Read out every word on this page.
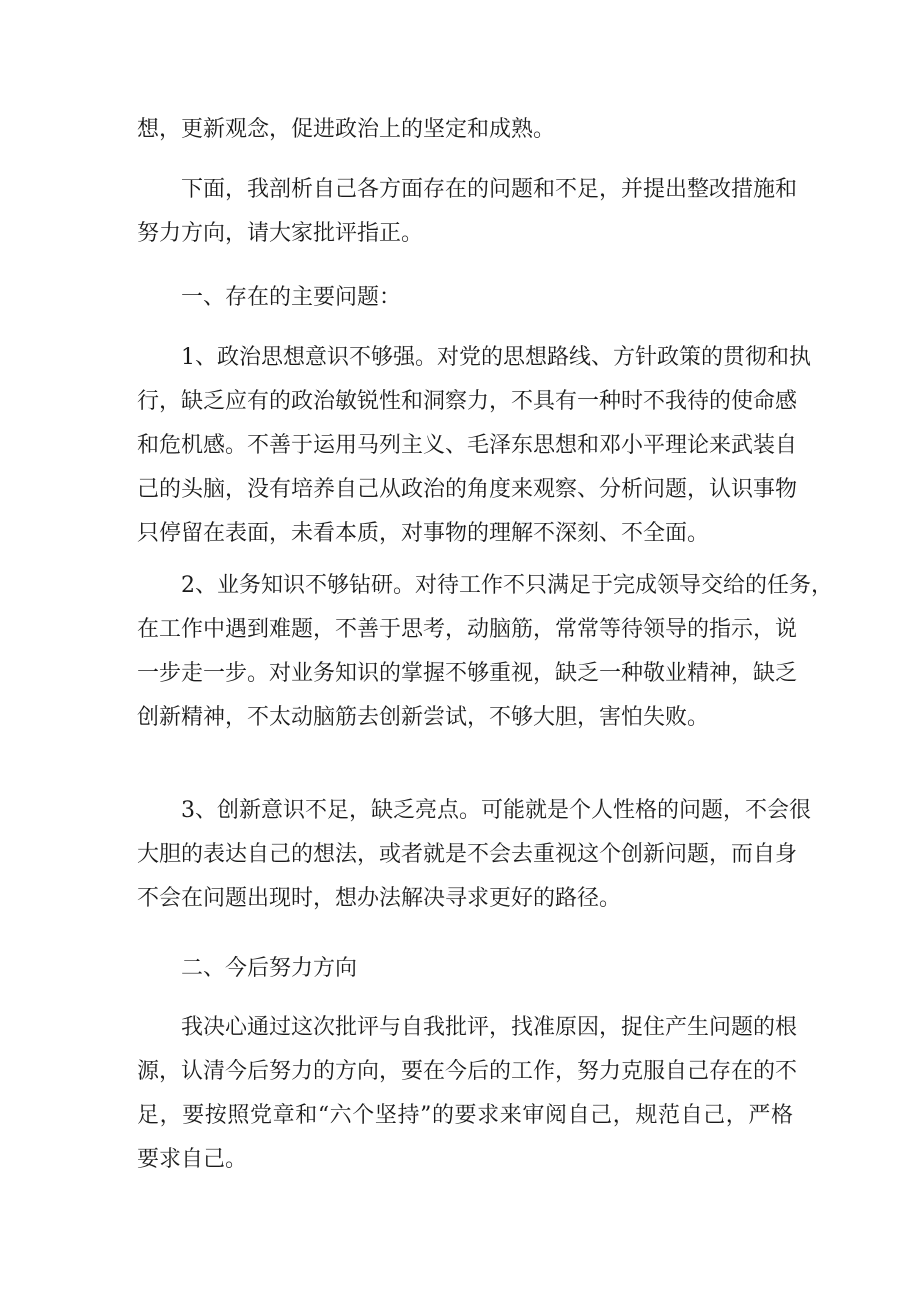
想，更新观念，促进政治上的坚定和成熟。
下面，我剖析自己各方面存在的问题和不足，并提出整改措施和
努力方向，请大家批评指正。
一、存在的主要问题：
1、政治思想意识不够强。对党的思想路线、方针政策的贯彻和执
行，缺乏应有的政治敏锐性和洞察力，不具有一种时不我待的使命感
和危机感。不善于运用马列主义、毛泽东思想和邓小平理论来武装自
己的头脑，没有培养自己从政治的角度来观察、分析问题，认识事物
只停留在表面，未看本质，对事物的理解不深刻、不全面。
2、业务知识不够钻研。对待工作不只满足于完成领导交给的任务，
在工作中遇到难题，不善于思考，动脑筋，常常等待领导的指示，说
一步走一步。对业务知识的掌握不够重视，缺乏一种敬业精神，缺乏
创新精神，不太动脑筋去创新尝试，不够大胆，害怕失败。
3、创新意识不足，缺乏亮点。可能就是个人性格的问题，不会很
大胆的表达自己的想法，或者就是不会去重视这个创新问题，而自身
不会在问题出现时，想办法解决寻求更好的路径。
二、今后努力方向
我决心通过这次批评与自我批评，找准原因，捉住产生问题的根
源，认清今后努力的方向，要在今后的工作，努力克服自己存在的不
足，要按照党章和“六个坚持”的要求来审阅自己，规范自己，严格
要求自己。
